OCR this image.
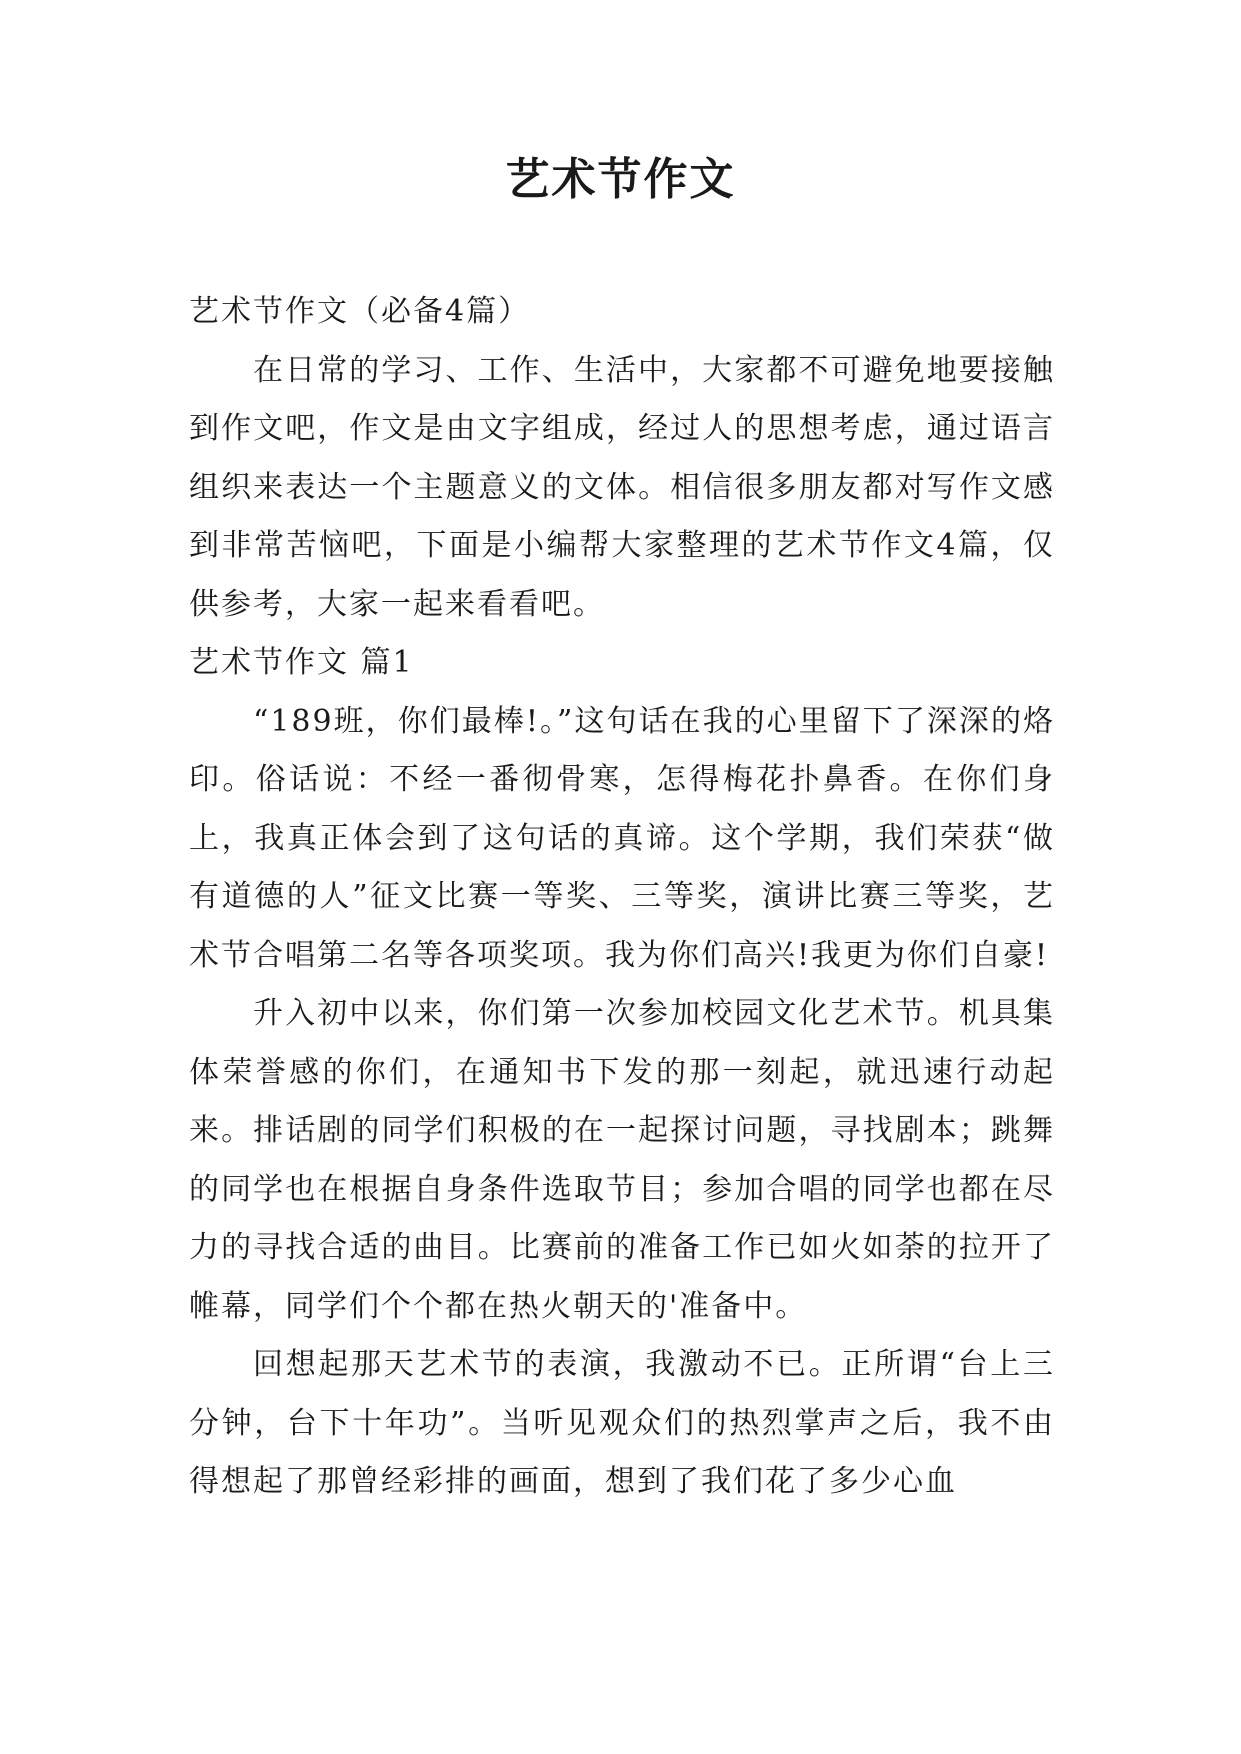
艺术节作文

艺术节作文（必备4篇）

在日常的学习、工作、生活中，大家都不可避免地要接触到作文吧，作文是由文字组成，经过人的思想考虑，通过语言组织来表达一个主题意义的文体。相信很多朋友都对写作文感到非常苦恼吧，下面是小编帮大家整理的艺术节作文4篇，仅供参考，大家一起来看看吧。

艺术节作文 篇1

“189班，你们最棒!。”这句话在我的心里留下了深深的烙印。俗话说：不经一番彻骨寒，怎得梅花扑鼻香。在你们身上，我真正体会到了这句话的真谛。这个学期，我们荣获“做有道德的人”征文比赛一等奖、三等奖，演讲比赛三等奖，艺术节合唱第二名等各项奖项。我为你们高兴!我更为你们自豪!

升入初中以来，你们第一次参加校园文化艺术节。机具集体荣誉感的你们，在通知书下发的那一刻起，就迅速行动起来。排话剧的同学们积极的在一起探讨问题，寻找剧本；跳舞的同学也在根据自身条件选取节目；参加合唱的同学也都在尽力的寻找合适的曲目。比赛前的准备工作已如火如荼的拉开了帷幕，同学们个个都在热火朝天的'准备中。

回想起那天艺术节的表演，我激动不已。正所谓“台上三分钟，台下十年功”。当听见观众们的热烈掌声之后，我不由得想起了那曾经彩排的画面，想到了我们花了多少心血
